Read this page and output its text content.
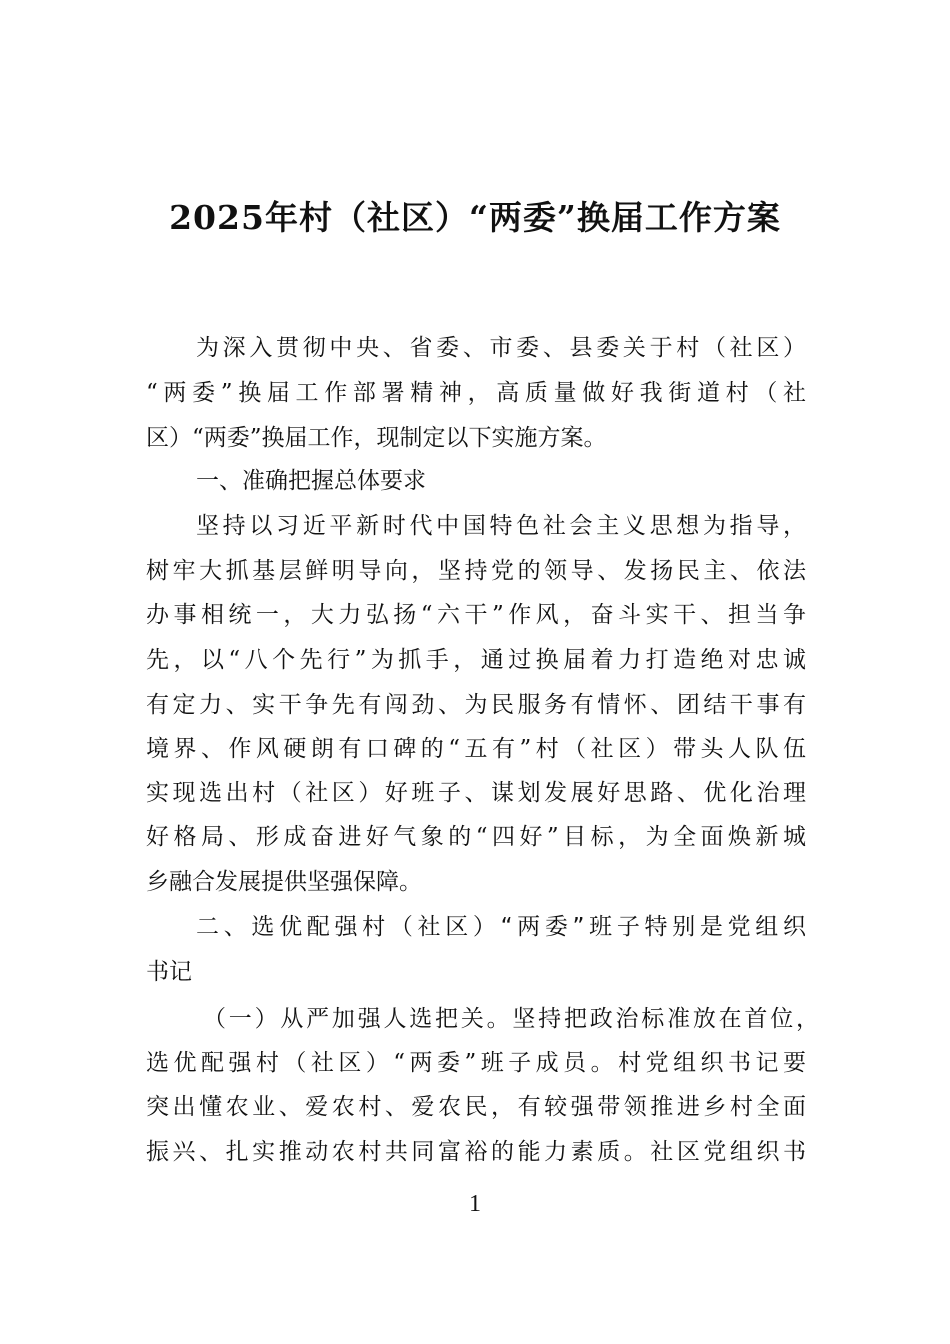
2025年村（社区）“两委”换届工作方案
为深入贯彻中央、省委、市委、县委关于村（社区）
“两委”换届工作部署精神，高质量做好我街道村（社
区）“两委”换届工作，现制定以下实施方案。
一、准确把握总体要求
坚持以习近平新时代中国特色社会主义思想为指导，
树牢大抓基层鲜明导向，坚持党的领导、发扬民主、依法
办事相统一，大力弘扬“六干”作风，奋斗实干、担当争
先，以“八个先行”为抓手，通过换届着力打造绝对忠诚
有定力、实干争先有闯劲、为民服务有情怀、团结干事有
境界、作风硬朗有口碑的“五有”村（社区）带头人队伍
实现选出村（社区）好班子、谋划发展好思路、优化治理
好格局、形成奋进好气象的“四好”目标，为全面焕新城
乡融合发展提供坚强保障。
二、选优配强村（社区）“两委”班子特别是党组织
书记
（一）从严加强人选把关。坚持把政治标准放在首位，
选优配强村（社区）“两委”班子成员。村党组织书记要
突出懂农业、爱农村、爱农民，有较强带领推进乡村全面
振兴、扎实推动农村共同富裕的能力素质。社区党组织书
1
